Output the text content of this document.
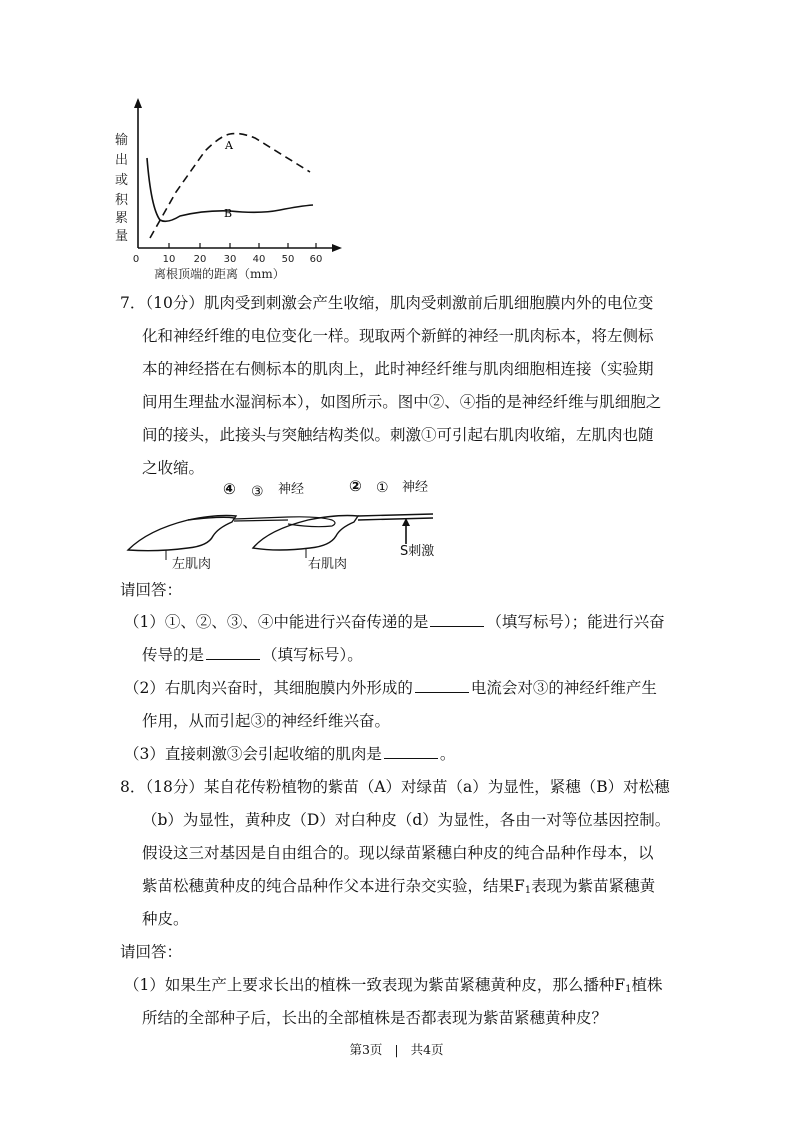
A
B
输
出
或
积
累
量
0 10 20 30 40 50 60
离根顶端的距离（mm）
7．（10分）肌肉受到刺激会产生收缩，肌肉受刺激前后肌细胞膜内外的电位变
化和神经纤维的电位变化一样。现取两个新鲜的神经一肌肉标本，将左侧标
本的神经搭在右侧标本的肌肉上，此时神经纤维与肌肉细胞相连接（实验期
间用生理盐水湿润标本），如图所示。图中②、④指的是神经纤维与肌细胞之
间的接头，此接头与突触结构类似。刺激①可引起右肌肉收缩，左肌肉也随
之收缩。
④ ③ 神经	② ① 神经
左肌肉	右肌肉
S刺激
请回答：
（1）①、②、③、④中能进行兴奋传递的是	（填写标号）；能进行兴奋
传导的是	（填写标号）。
（2）右肌肉兴奋时，其细胞膜内外形成的	电流会对③的神经纤维产生
作用，从而引起③的神经纤维兴奋。
（3）直接刺激③会引起收缩的肌肉是	。
8．（18分）某自花传粉植物的紫苗（A）对绿苗（a）为显性，紧穗（B）对松穗
（b）为显性，黄种皮（D）对白种皮（d）为显性，各由一对等位基因控制。
假设这三对基因是自由组合的。现以绿苗紧穗白种皮的纯合品种作母本，以
紫苗松穗黄种皮的纯合品种作父本进行杂交实验，结果$F_1$表现为紫苗紧穗黄
种皮。
请回答：
（1）如果生产上要求长出的植株一致表现为紫苗紧穗黄种皮，那么播种$F_1$植株
所结的全部种子后，长出的全部植株是否都表现为紫苗紧穗黄种皮？
第3页 | 共4页
